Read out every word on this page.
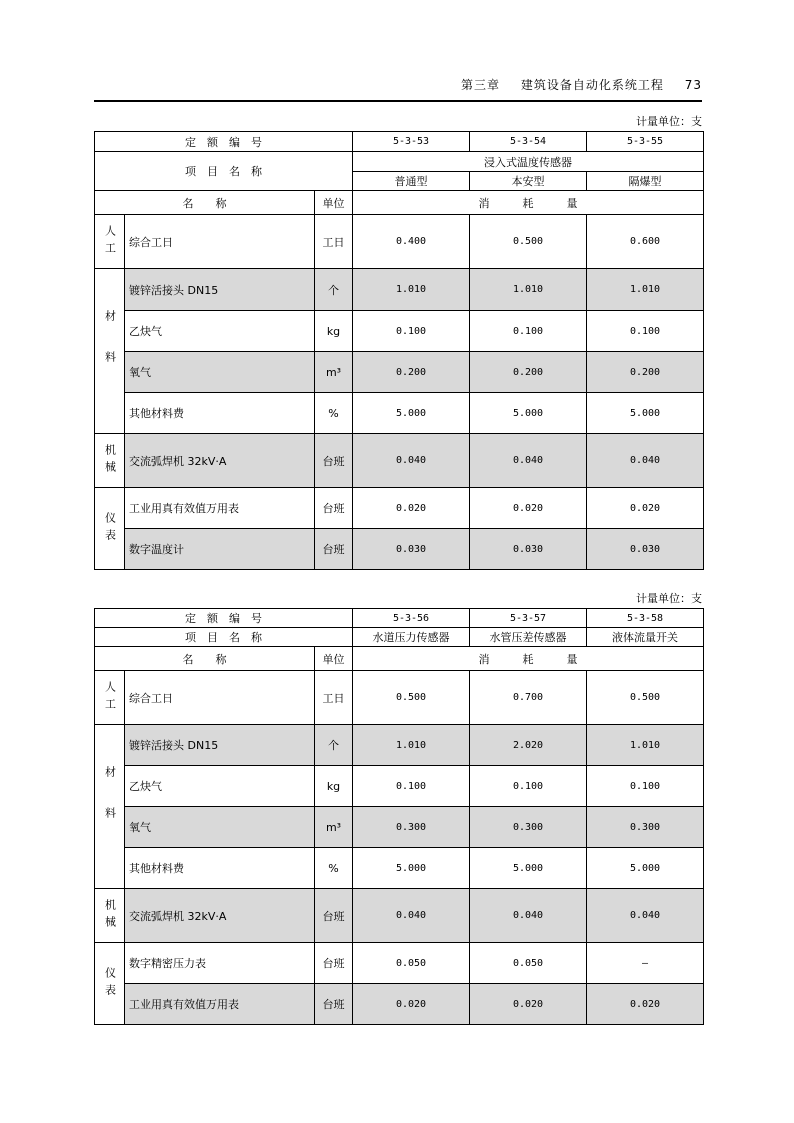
第三章 建筑设备自动化系统工程 73
计量单位：支
定　额　编　号			5-3-53	5-3-54	5-3-55
项　目　名　称			浸入式温度传感器		
			普通型	本安型	隔爆型
名　　称		单位	消　　　耗　　　量		
人工	综合工日	工日	0.400	0.500	0.600
材料	镀锌活接头 DN15	个	1.010	1.010	1.010
	乙炔气	kg	0.100	0.100	0.100
	氧气	m³	0.200	0.200	0.200
	其他材料费	%	5.000	5.000	5.000
机械	交流弧焊机 32kV·A	台班	0.040	0.040	0.040
仪表	工业用真有效值万用表	台班	0.020	0.020	0.020
	数字温度计	台班	0.030	0.030	0.030
计量单位：支
定　额　编　号			5-3-56	5-3-57	5-3-58
项　目　名　称			水道压力传感器	水管压差传感器	液体流量开关
名　　称		单位	消　　　耗　　　量		
人工	综合工日	工日	0.500	0.700	0.500
材料	镀锌活接头 DN15	个	1.010	2.020	1.010
	乙炔气	kg	0.100	0.100	0.100
	氧气	m³	0.300	0.300	0.300
	其他材料费	%	5.000	5.000	5.000
机械	交流弧焊机 32kV·A	台班	0.040	0.040	0.040
仪表	数字精密压力表	台班	0.050	0.050	—
	工业用真有效值万用表	台班	0.020	0.020	0.020
